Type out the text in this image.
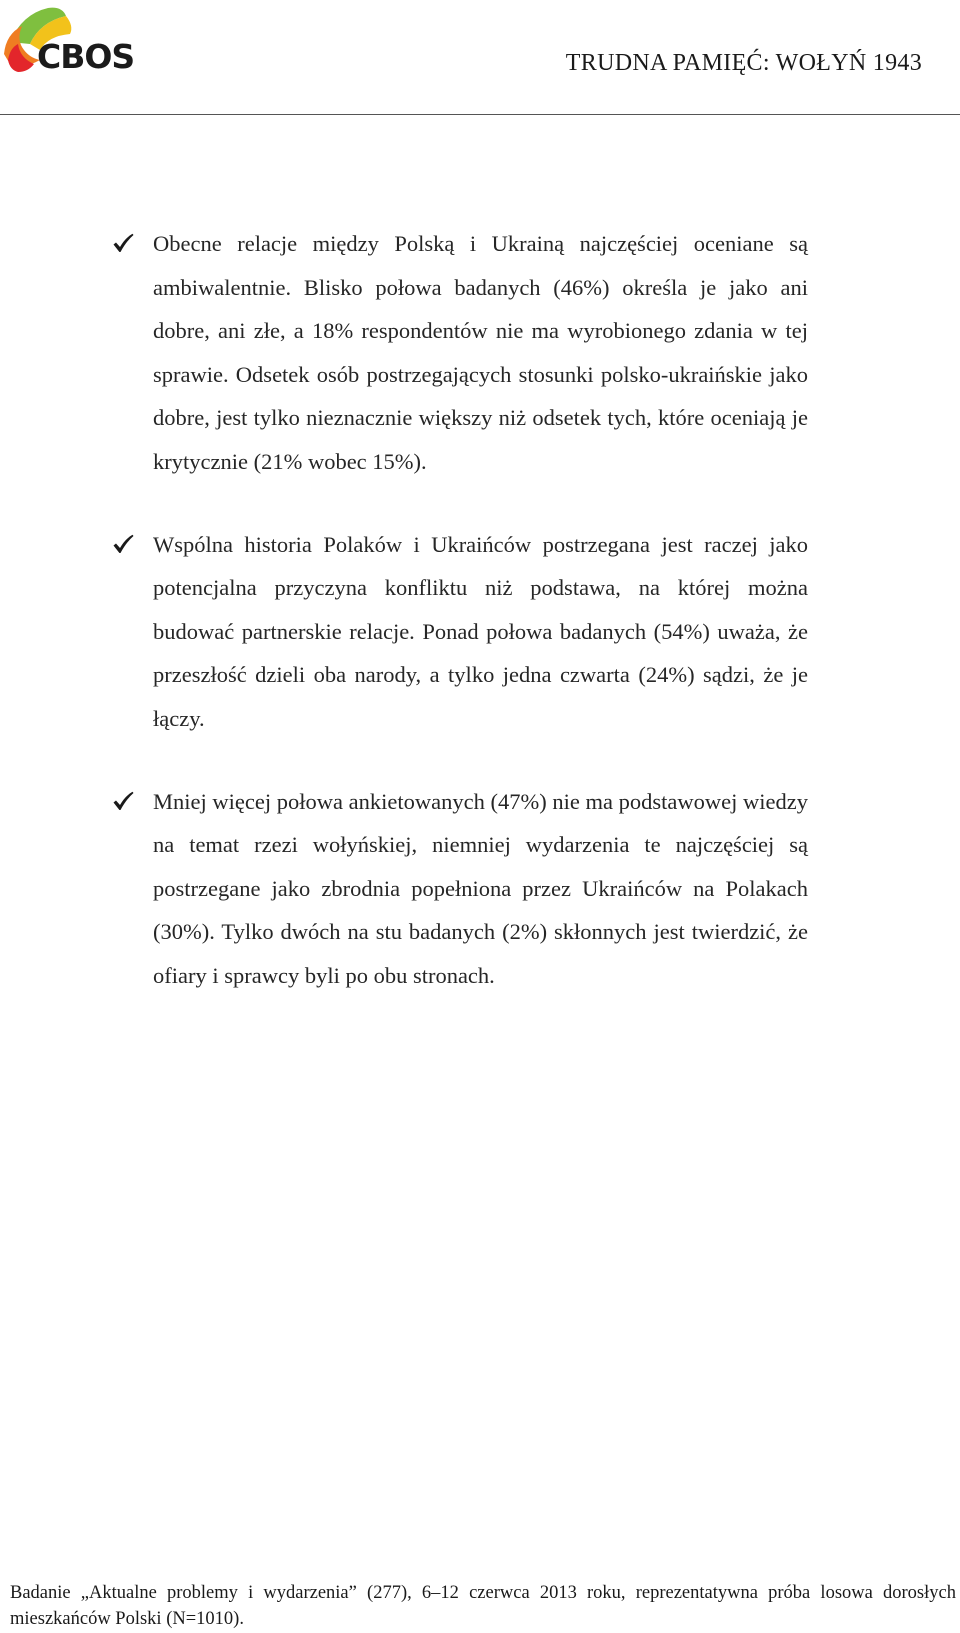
CBOS	TRUDNA PAMIĘĆ: WOŁYŃ 1943

Obecne relacje między Polską i Ukrainą najczęściej oceniane są ambiwalentnie. Blisko połowa badanych (46%) określa je jako ani dobre, ani złe, a 18% respondentów nie ma wyrobionego zdania w tej sprawie. Odsetek osób postrzegających stosunki polsko-ukraińskie jako dobre, jest tylko nieznacznie większy niż odsetek tych, które oceniają je krytycznie (21% wobec 15%).

Wspólna historia Polaków i Ukraińców postrzegana jest raczej jako potencjalna przyczyna konfliktu niż podstawa, na której można budować partnerskie relacje. Ponad połowa badanych (54%) uważa, że przeszłość dzieli oba narody, a tylko jedna czwarta (24%) sądzi, że je łączy.

Mniej więcej połowa ankietowanych (47%) nie ma podstawowej wiedzy na temat rzezi wołyńskiej, niemniej wydarzenia te najczęściej są postrzegane jako zbrodnia popełniona przez Ukraińców na Polakach (30%). Tylko dwóch na stu badanych (2%) skłonnych jest twierdzić, że ofiary i sprawcy byli po obu stronach.

Badanie „Aktualne problemy i wydarzenia” (277), 6–12 czerwca 2013 roku, reprezentatywna próba losowa dorosłych mieszkańców Polski (N=1010).
